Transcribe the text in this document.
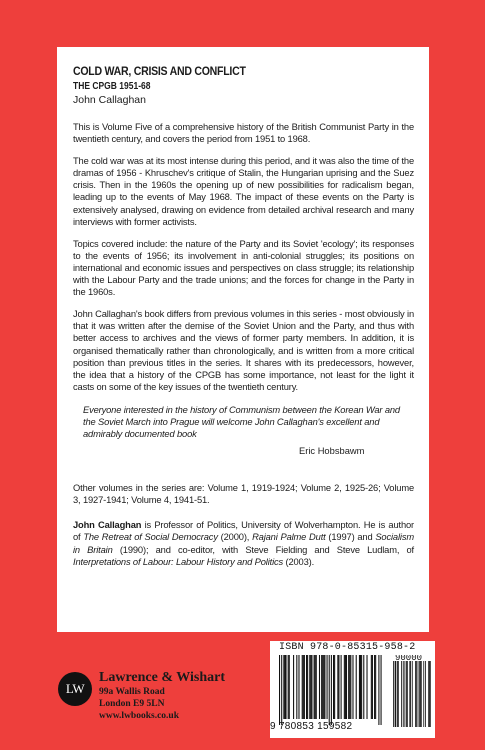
COLD WAR, CRISIS AND CONFLICT
THE CPGB 1951-68
John Callaghan

This is Volume Five of a comprehensive history of the British Communist Party in the twentieth century, and covers the period from 1951 to 1968.

The cold war was at its most intense during this period, and it was also the time of the dramas of 1956 - Khruschev's critique of Stalin, the Hungarian uprising and the Suez crisis. Then in the 1960s the opening up of new possibilities for radicalism began, leading up to the events of May 1968. The impact of these events on the Party is extensively analysed, drawing on evidence from detailed archival research and many interviews with former activists.

Topics covered include: the nature of the Party and its Soviet 'ecology'; its responses to the events of 1956; its involvement in anti-colonial struggles; its positions on international and economic issues and perspectives on class struggle; its relationship with the Labour Party and the trade unions; and the forces for change in the Party in the 1960s.

John Callaghan's book differs from previous volumes in this series - most obviously in that it was written after the demise of the Soviet Union and the Party, and thus with better access to archives and the views of former party members. In addition, it is organised thematically rather than chronologically, and is written from a more critical position than previous titles in the series. It shares with its predecessors, however, the idea that a history of the CPGB has some importance, not least for the light it casts on some of the key issues of the twentieth century.

Everyone interested in the history of Communism between the Korean War and the Soviet March into Prague will welcome John Callaghan's excellent and admirably documented book
Eric Hobsbawm

Other volumes in the series are: Volume 1, 1919-1924; Volume 2, 1925-26; Volume 3, 1927-1941; Volume 4, 1941-51.

John Callaghan is Professor of Politics, University of Wolverhampton. He is author of The Retreat of Social Democracy (2000), Rajani Palme Dutt (1997) and Socialism in Britain (1990); and co-editor, with Steve Fielding and Steve Ludlam, of Interpretations of Labour: Labour History and Politics (2003).

LW
Lawrence & Wishart
99a Wallis Road
London E9 5LN
www.lwbooks.co.uk
ISBN 978-0-85315-958-2
90000
9 780853 159582
